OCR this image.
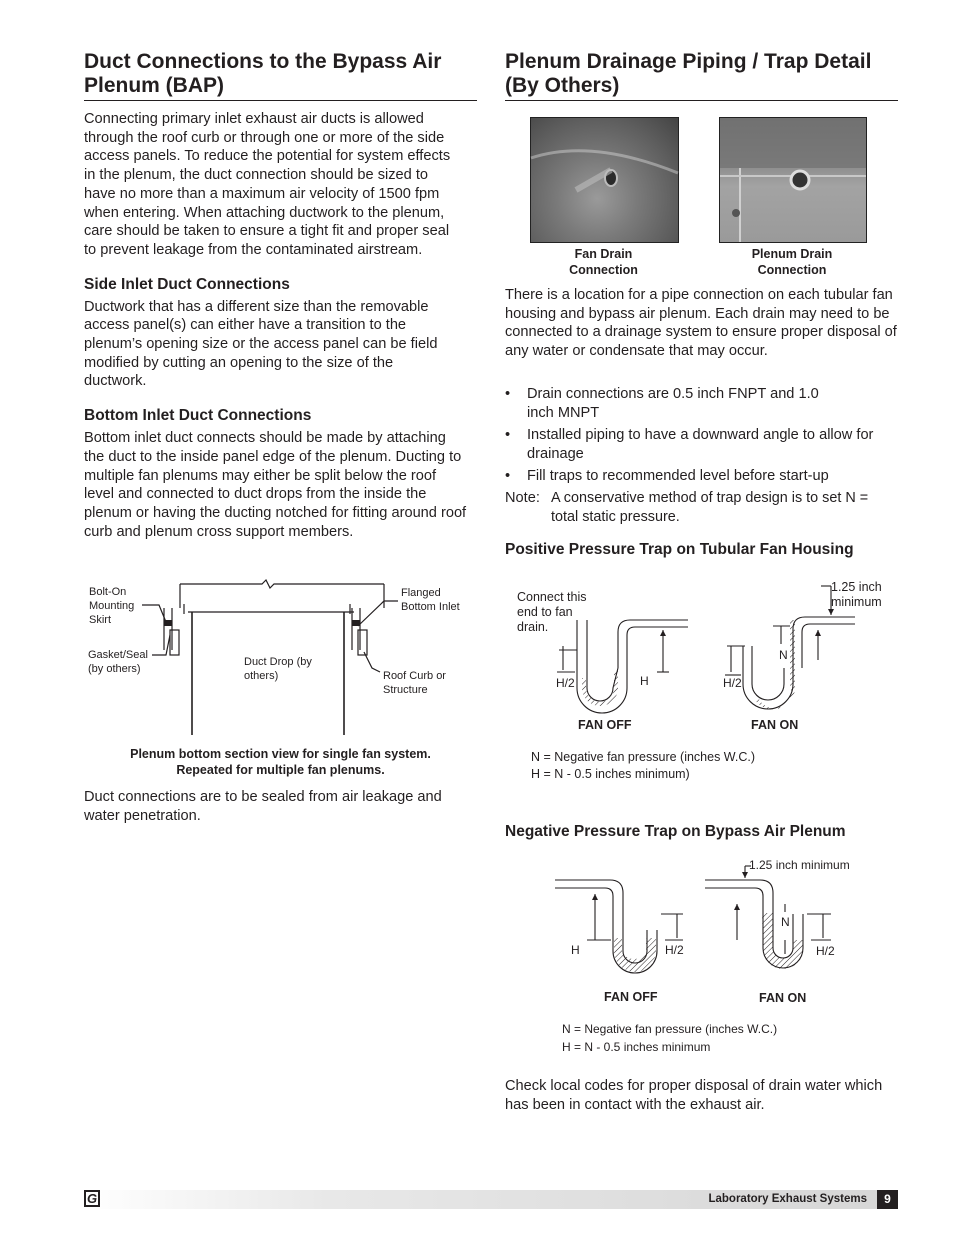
Duct Connections to the Bypass Air Plenum (BAP)

Connecting primary inlet exhaust air ducts is allowed through the roof curb or through one or more of the side access panels. To reduce the potential for system effects in the plenum, the duct connection should be sized to have no more than a maximum air velocity of 1500 fpm when entering. When attaching ductwork to the plenum, care should be taken to ensure a tight fit and proper seal to prevent leakage from the contaminated airstream.

Side Inlet Duct Connections

Ductwork that has a different size than the removable access panel(s) can either have a transition to the plenum’s opening size or the access panel can be field modified by cutting an opening to the size of the ductwork.

Bottom Inlet Duct Connections

Bottom inlet duct connects should be made by attaching the duct to the inside panel edge of the plenum. Ducting to multiple fan plenums may either be split below the roof level and connected to duct drops from the inside the plenum or having the ducting notched for fitting around roof curb and plenum cross support members.

Bolt-On Mounting Skirt
Gasket/Seal (by others)
Duct Drop (by others)
Flanged Bottom Inlet
Roof Curb or Structure
Plenum bottom section view for single fan system.
Repeated for multiple fan plenums.

Duct connections are to be sealed from air leakage and water penetration.

Plenum Drainage Piping / Trap Detail (By Others)
Fan Drain Connection
Plenum Drain Connection

There is a location for a pipe connection on each tubular fan housing and bypass air plenum. Each drain may need to be connected to a drainage system to ensure proper disposal of any water or condensate that may occur.

• Drain connections are 0.5 inch FNPT and 1.0 inch MNPT
• Installed piping to have a downward angle to allow for drainage
• Fill traps to recommended level before start-up
Note: A conservative method of trap design is to set N = total static pressure.
Positive Pressure Trap on Tubular Fan Housing
Connect this end to fan drain.
1.25 inch minimum
N
H
H/2	H/2
FAN OFF	FAN ON
N = Negative fan pressure (inches W.C.)
H = N - 0.5 inches minimum)
Negative Pressure Trap on Bypass Air Plenum
1.25 inch minimum
N
H	H/2	H/2
FAN OFF	FAN ON
N = Negative fan pressure (inches W.C.)
H = N - 0.5 inches minimum

Check local codes for proper disposal of drain water which has been in contact with the exhaust air.

G	Laboratory Exhaust Systems	9
